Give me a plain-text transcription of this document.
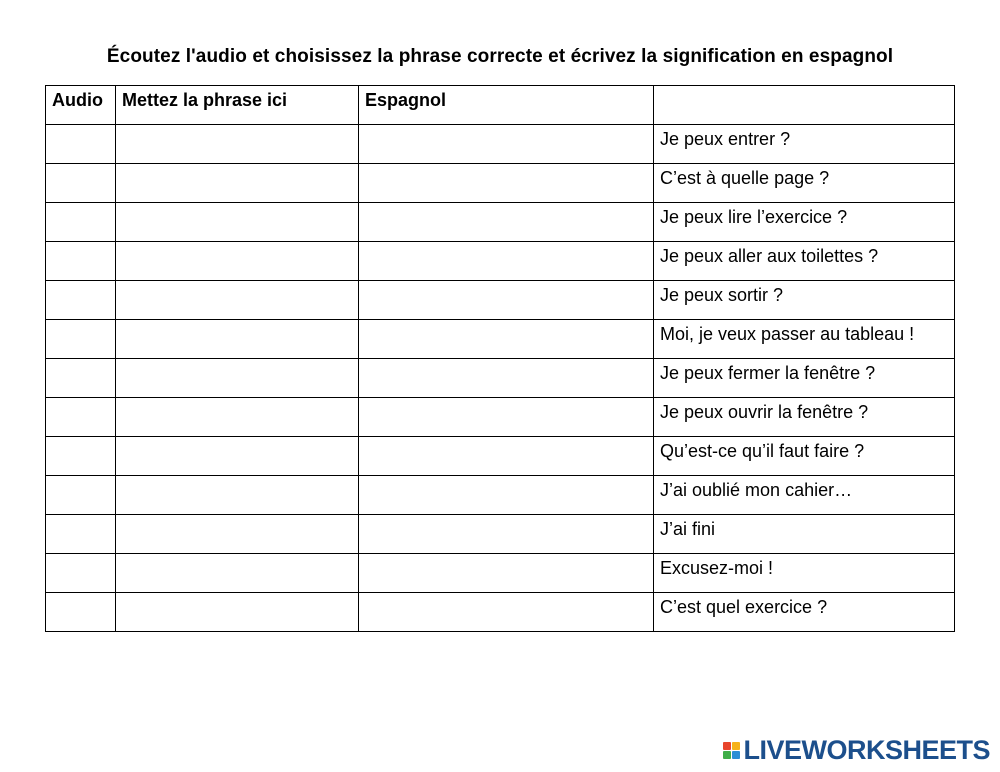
Écoutez l'audio et choisissez la phrase correcte et écrivez la signification en espagnol
Audio	Mettez la phrase ici	Espagnol	
			Je peux entrer ?
			C’est à quelle page ?
			Je peux lire l’exercice ?
			Je peux aller aux toilettes ?
			Je peux sortir ?
			Moi, je veux passer au tableau !
			Je peux fermer la fenêtre ?
			Je peux ouvrir la fenêtre ?
			Qu’est-ce qu’il faut faire ?
			J’ai oublié mon cahier…
			J’ai fini
			Excusez-moi !
			C’est quel exercice ?
LIVEWORKSHEETS
